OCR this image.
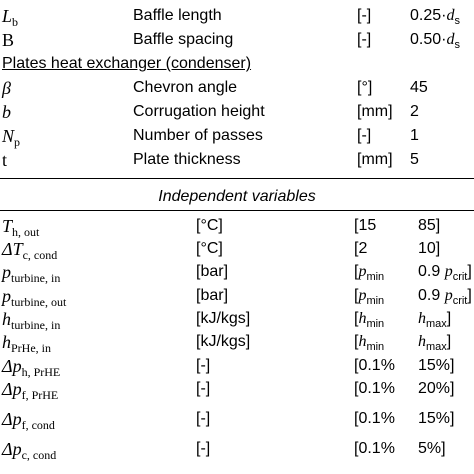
$L_b$	Baffle length	[-] $0.25\cdot d_s$
B	Baffle spacing	[-] $0.50\cdot d_s$
Plates heat exchanger (condenser)
β	Chevron angle	[°] 45
b	Corrugation height	[mm] 2
$N_p$	Number of passes	[-] 1
t	Plate thickness	[mm] 5
Independent variables
$T_{h, out}$	[°C]	[15	85]
$\Delta T_{c, cond}$	[°C]	[2	10]
$p_{turbine, in}$	[bar]	[$p_{min}$ 0.9 $p_{crit}$]
$p_{turbine, out}$	[bar]	[$p_{min}$ 0.9 $p_{crit}$]
$h_{turbine, in}$	[kJ/kgs]	[$h_{min}$ $h_{max}$]
$h_{PrHe, in}$	[kJ/kgs]	[$h_{min}$ $h_{max}$]
$\Delta p_{h, PrHE}$	[-]	[0.1% 15%]
$\Delta p_{f, PrHE}$	[-]	[0.1% 20%]
$\Delta p_{f, cond}$	[-]	[0.1% 15%]
$\Delta p_{c, cond}$	[-]	[0.1% 5%]
